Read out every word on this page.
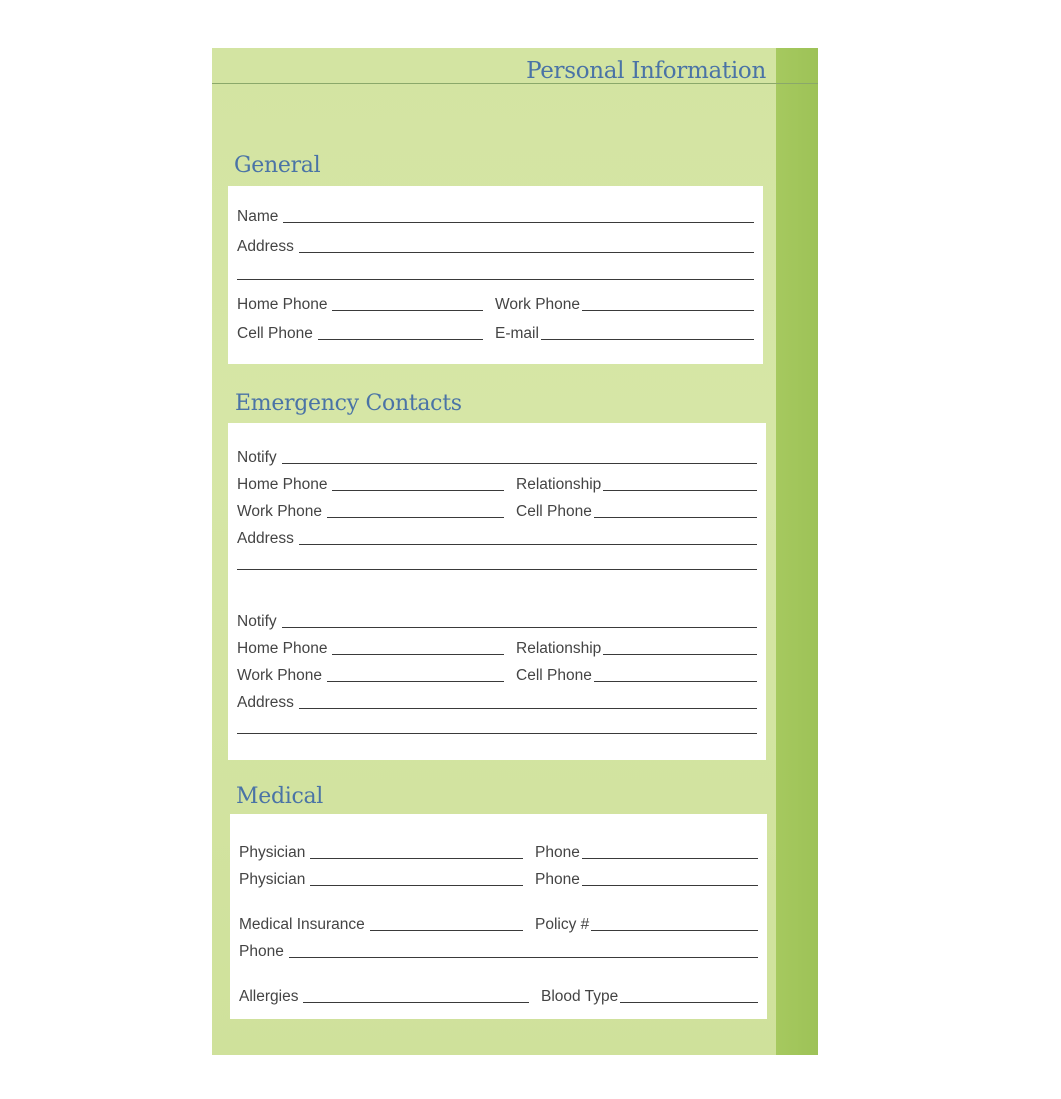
Personal Information
General
Name
Address
Home Phone	Work Phone
Cell Phone	E-mail
Emergency Contacts
Notify
Home Phone	Relationship
Work Phone	Cell Phone
Address
Notify
Home Phone	Relationship
Work Phone	Cell Phone
Address
Medical
Physician	Phone
Physician	Phone
Medical Insurance	Policy #
Phone
Allergies	Blood Type
